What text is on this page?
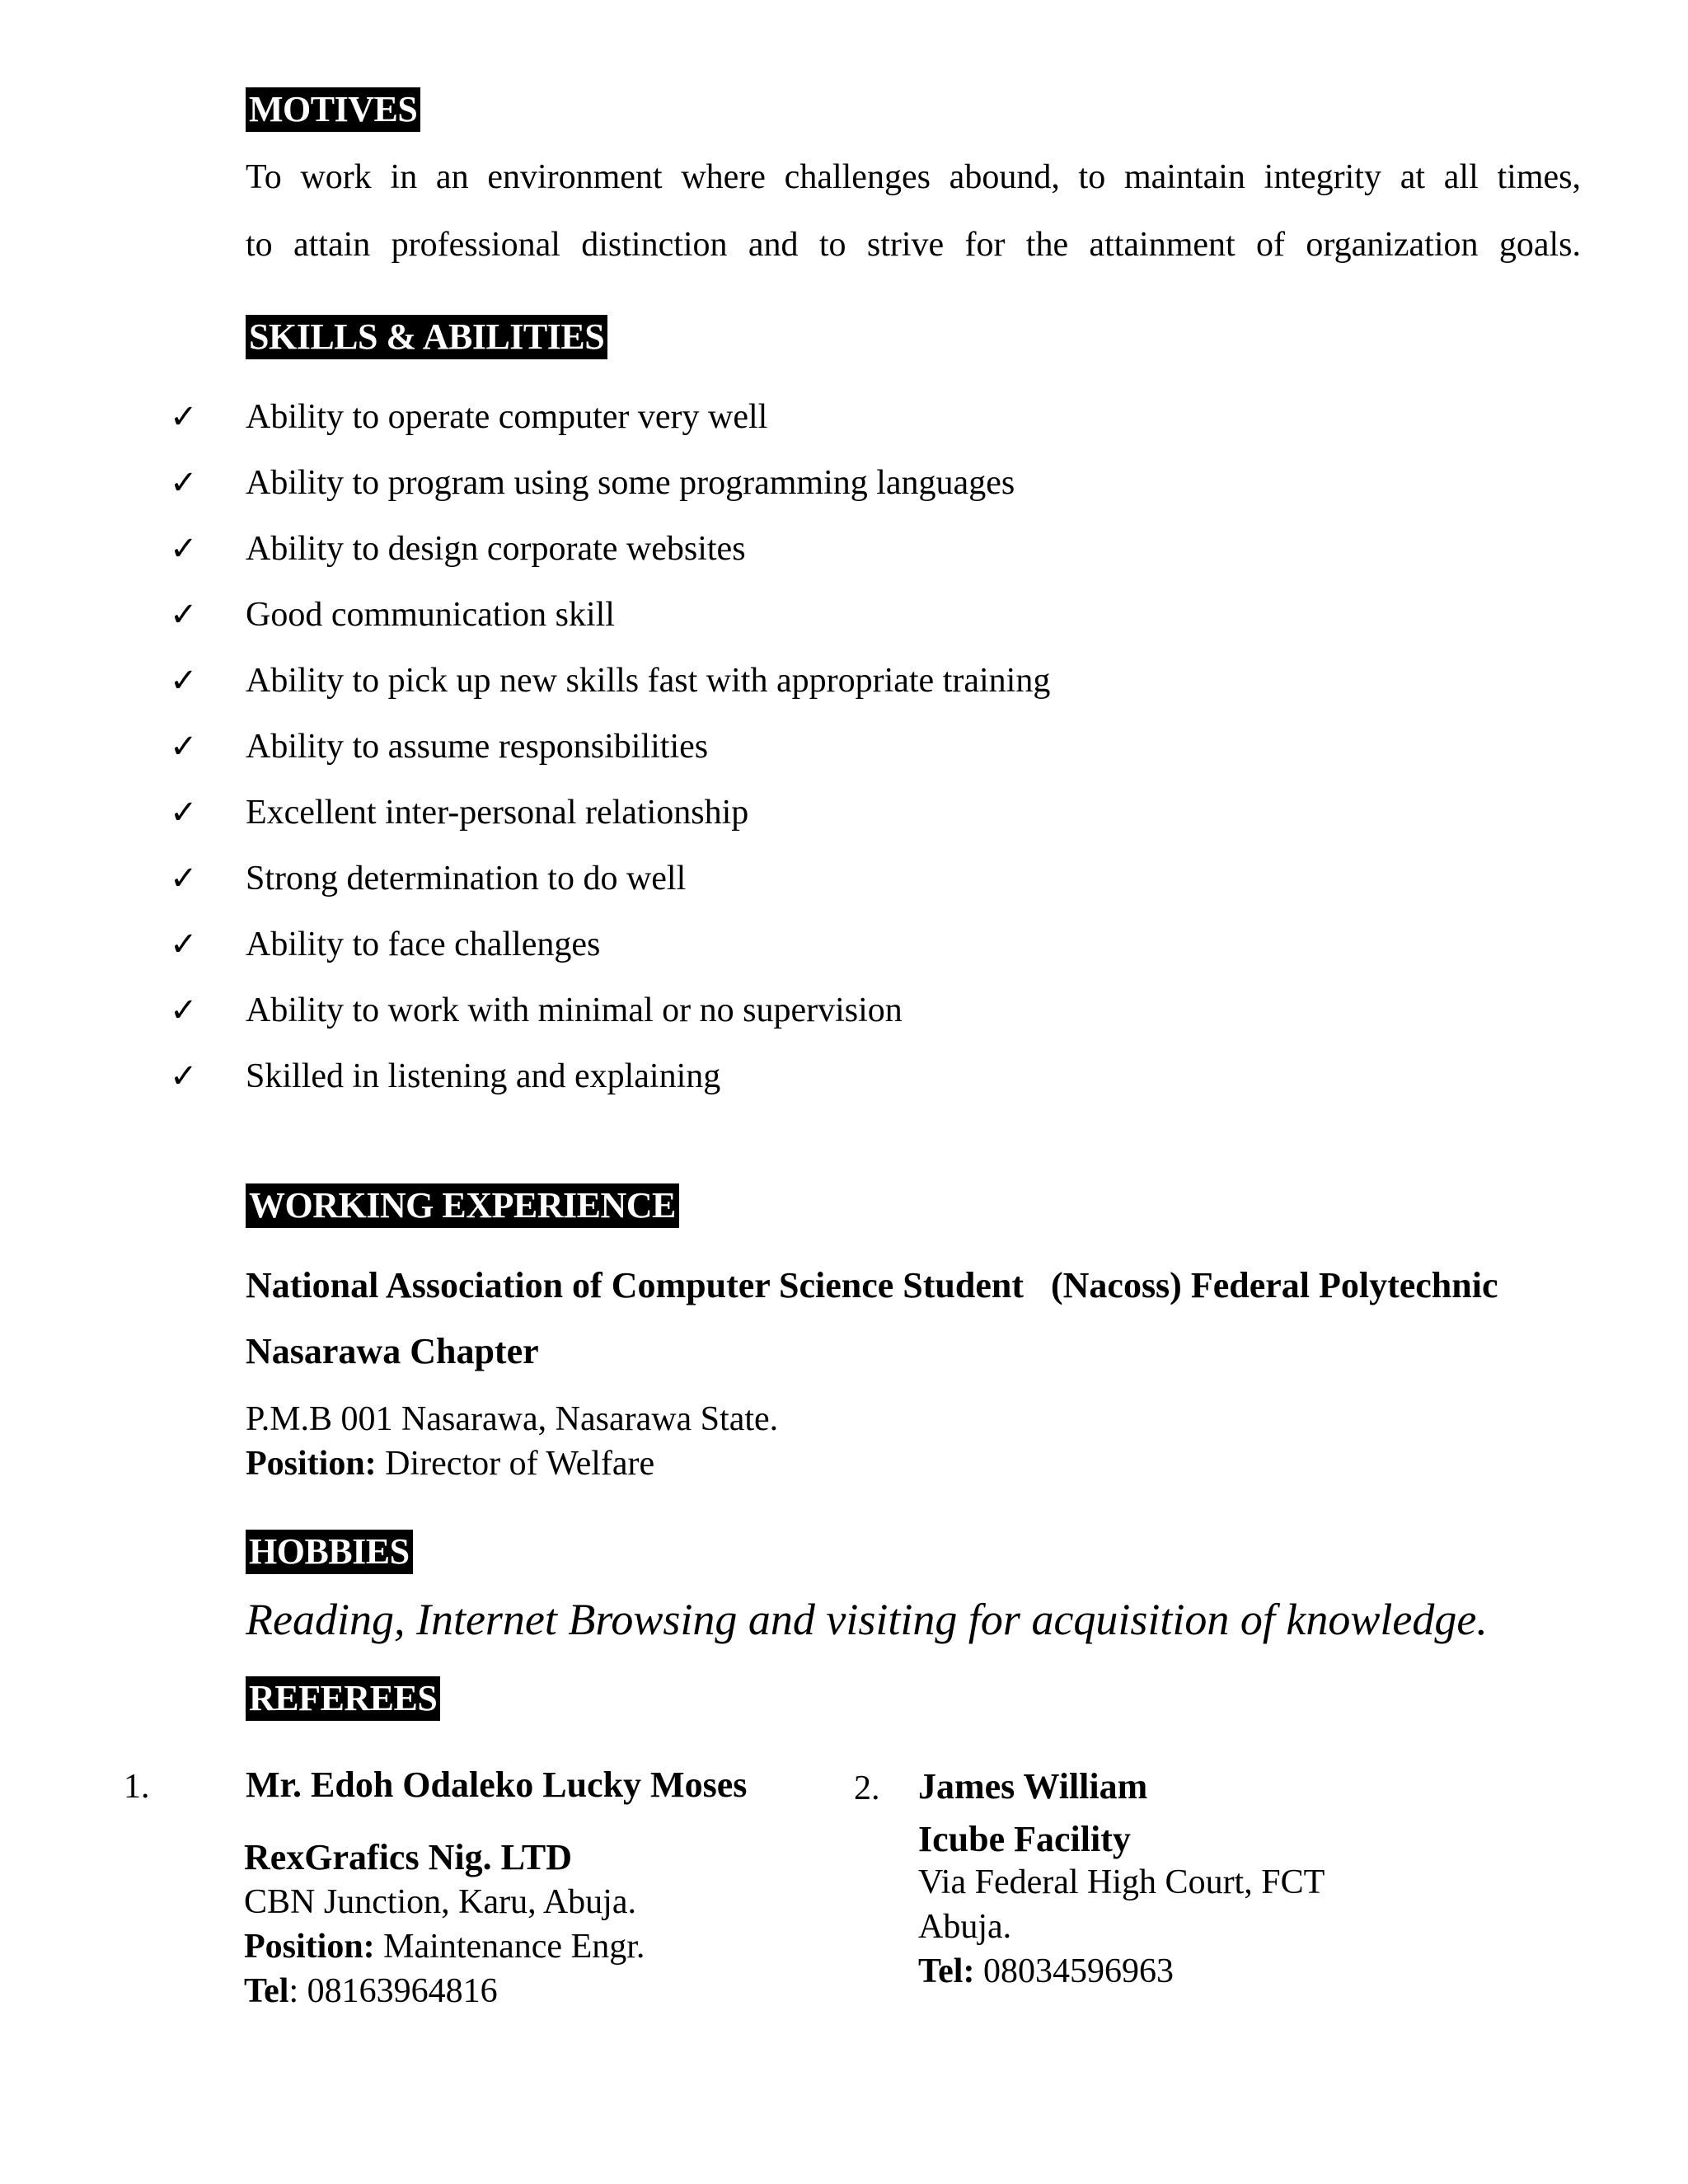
MOTIVES
To work in an environment where challenges abound, to maintain integrity at all times,
to attain professional distinction and to strive for the attainment of organization goals.
SKILLS & ABILITIES
✓ Ability to operate computer very well
✓ Ability to program using some programming languages
✓ Ability to design corporate websites
✓ Good communication skill
✓ Ability to pick up new skills fast with appropriate training
✓ Ability to assume responsibilities
✓ Excellent inter-personal relationship
✓ Strong determination to do well
✓ Ability to face challenges
✓ Ability to work with minimal or no supervision
✓ Skilled in listening and explaining
WORKING EXPERIENCE
National Association of Computer Science Student   (Nacoss) Federal Polytechnic
Nasarawa Chapter
P.M.B 001 Nasarawa, Nasarawa State.
Position: Director of Welfare
HOBBIES
Reading, Internet Browsing and visiting for acquisition of knowledge.
REFEREES
1.	Mr. Edoh Odaleko Lucky Moses
RexGrafics Nig. LTD
CBN Junction, Karu, Abuja.
Position: Maintenance Engr.
Tel: 08163964816
2. James William
Icube Facility
Via Federal High Court, FCT
Abuja.
Tel: 08034596963
